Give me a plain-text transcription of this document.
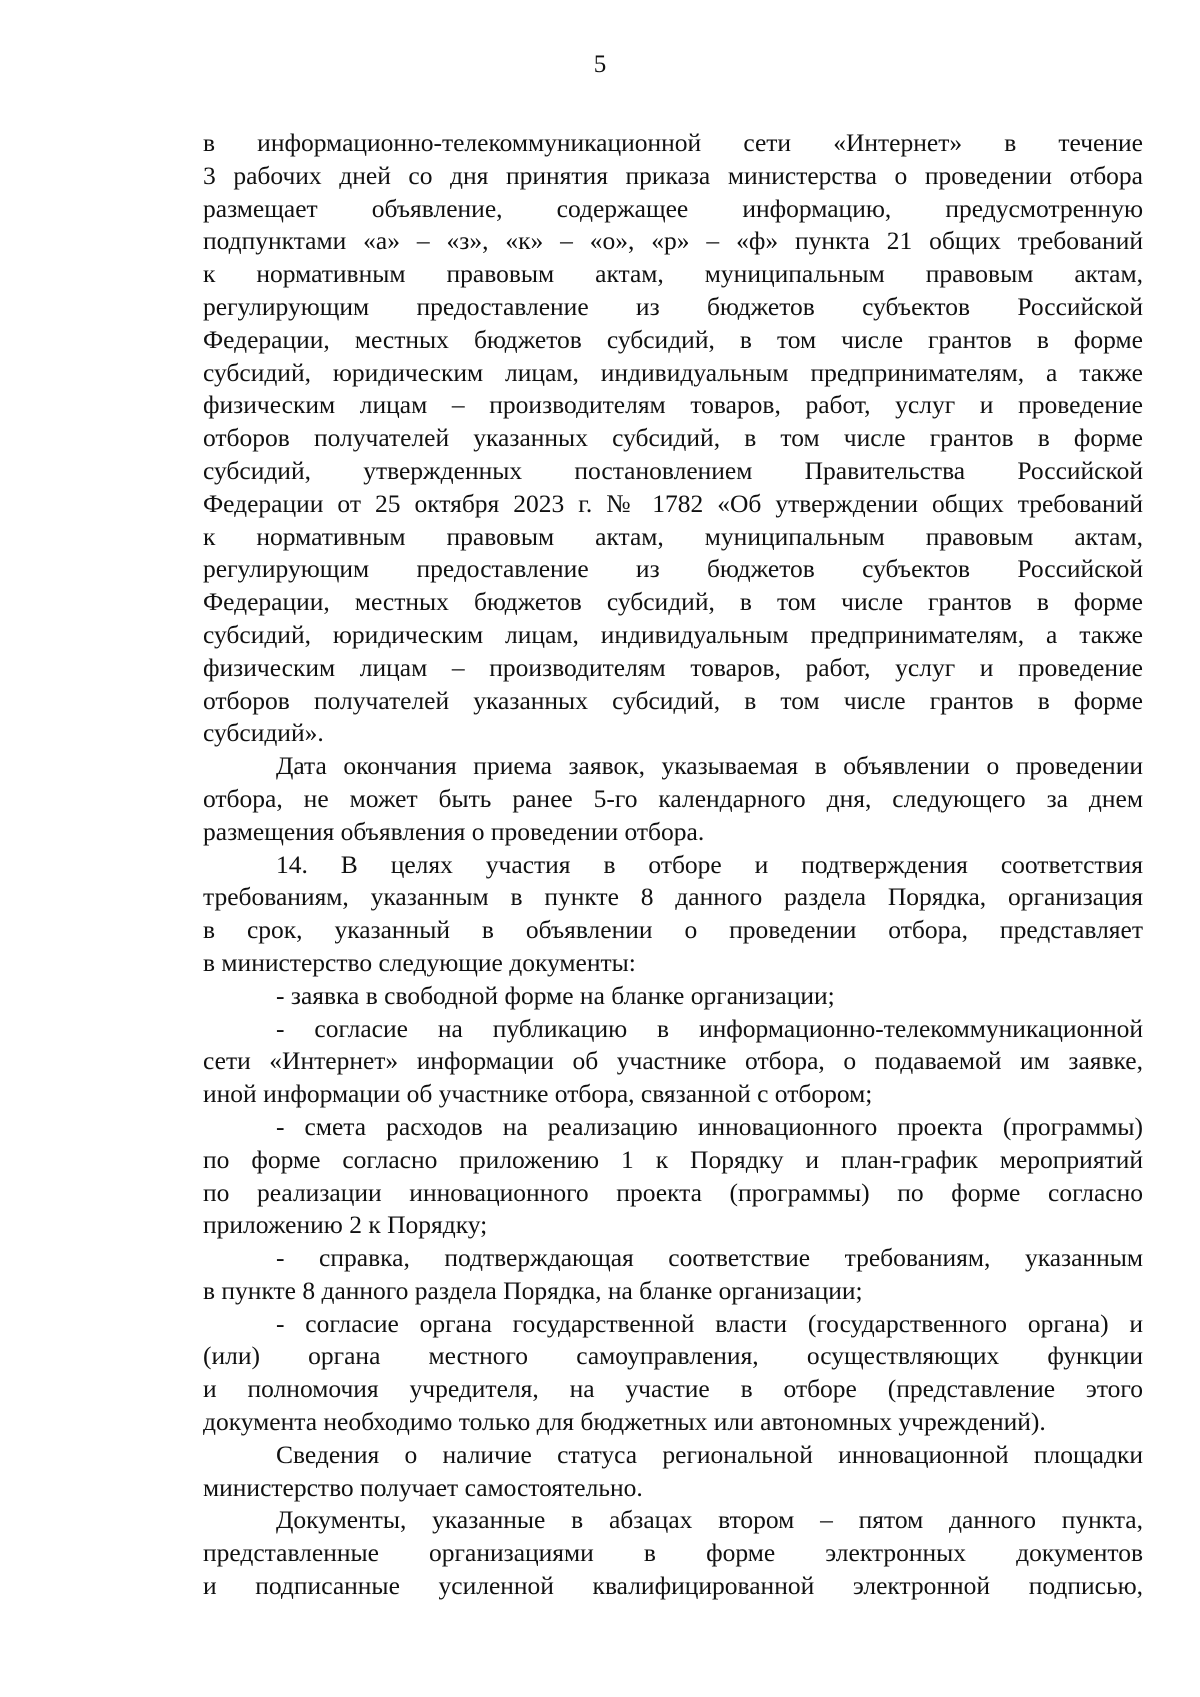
5
в информационно-телекоммуникационной сети «Интернет» в течение
3 рабочих дней со дня принятия приказа министерства о проведении отбора
размещает объявление, содержащее информацию, предусмотренную
подпунктами «а» – «з», «к» – «о», «р» – «ф» пункта 21 общих требований
к нормативным правовым актам, муниципальным правовым актам,
регулирующим предоставление из бюджетов субъектов Российской
Федерации, местных бюджетов субсидий, в том числе грантов в форме
субсидий, юридическим лицам, индивидуальным предпринимателям, а также
физическим лицам – производителям товаров, работ, услуг и проведение
отборов получателей указанных субсидий, в том числе грантов в форме
субсидий, утвержденных постановлением Правительства Российской
Федерации от 25 октября 2023 г. № 1782 «Об утверждении общих требований
к нормативным правовым актам, муниципальным правовым актам,
регулирующим предоставление из бюджетов субъектов Российской
Федерации, местных бюджетов субсидий, в том числе грантов в форме
субсидий, юридическим лицам, индивидуальным предпринимателям, а также
физическим лицам – производителям товаров, работ, услуг и проведение
отборов получателей указанных субсидий, в том числе грантов в форме
субсидий».
Дата окончания приема заявок, указываемая в объявлении о проведении
отбора, не может быть ранее 5-го календарного дня, следующего за днем
размещения объявления о проведении отбора.
14. В целях участия в отборе и подтверждения соответствия
требованиям, указанным в пункте 8 данного раздела Порядка, организация
в срок, указанный в объявлении о проведении отбора, представляет
в министерство следующие документы:
- заявка в свободной форме на бланке организации;
- согласие на публикацию в информационно-телекоммуникационной
сети «Интернет» информации об участнике отбора, о подаваемой им заявке,
иной информации об участнике отбора, связанной с отбором;
- смета расходов на реализацию инновационного проекта (программы)
по форме согласно приложению 1 к Порядку и план-график мероприятий
по реализации инновационного проекта (программы) по форме согласно
приложению 2 к Порядку;
- справка, подтверждающая соответствие требованиям, указанным
в пункте 8 данного раздела Порядка, на бланке организации;
- согласие органа государственной власти (государственного органа) и
(или) органа местного самоуправления, осуществляющих функции
и полномочия учредителя, на участие в отборе (представление этого
документа необходимо только для бюджетных или автономных учреждений).
Сведения о наличие статуса региональной инновационной площадки
министерство получает самостоятельно.
Документы, указанные в абзацах втором – пятом данного пункта,
представленные организациями в форме электронных документов
и подписанные усиленной квалифицированной электронной подписью,
